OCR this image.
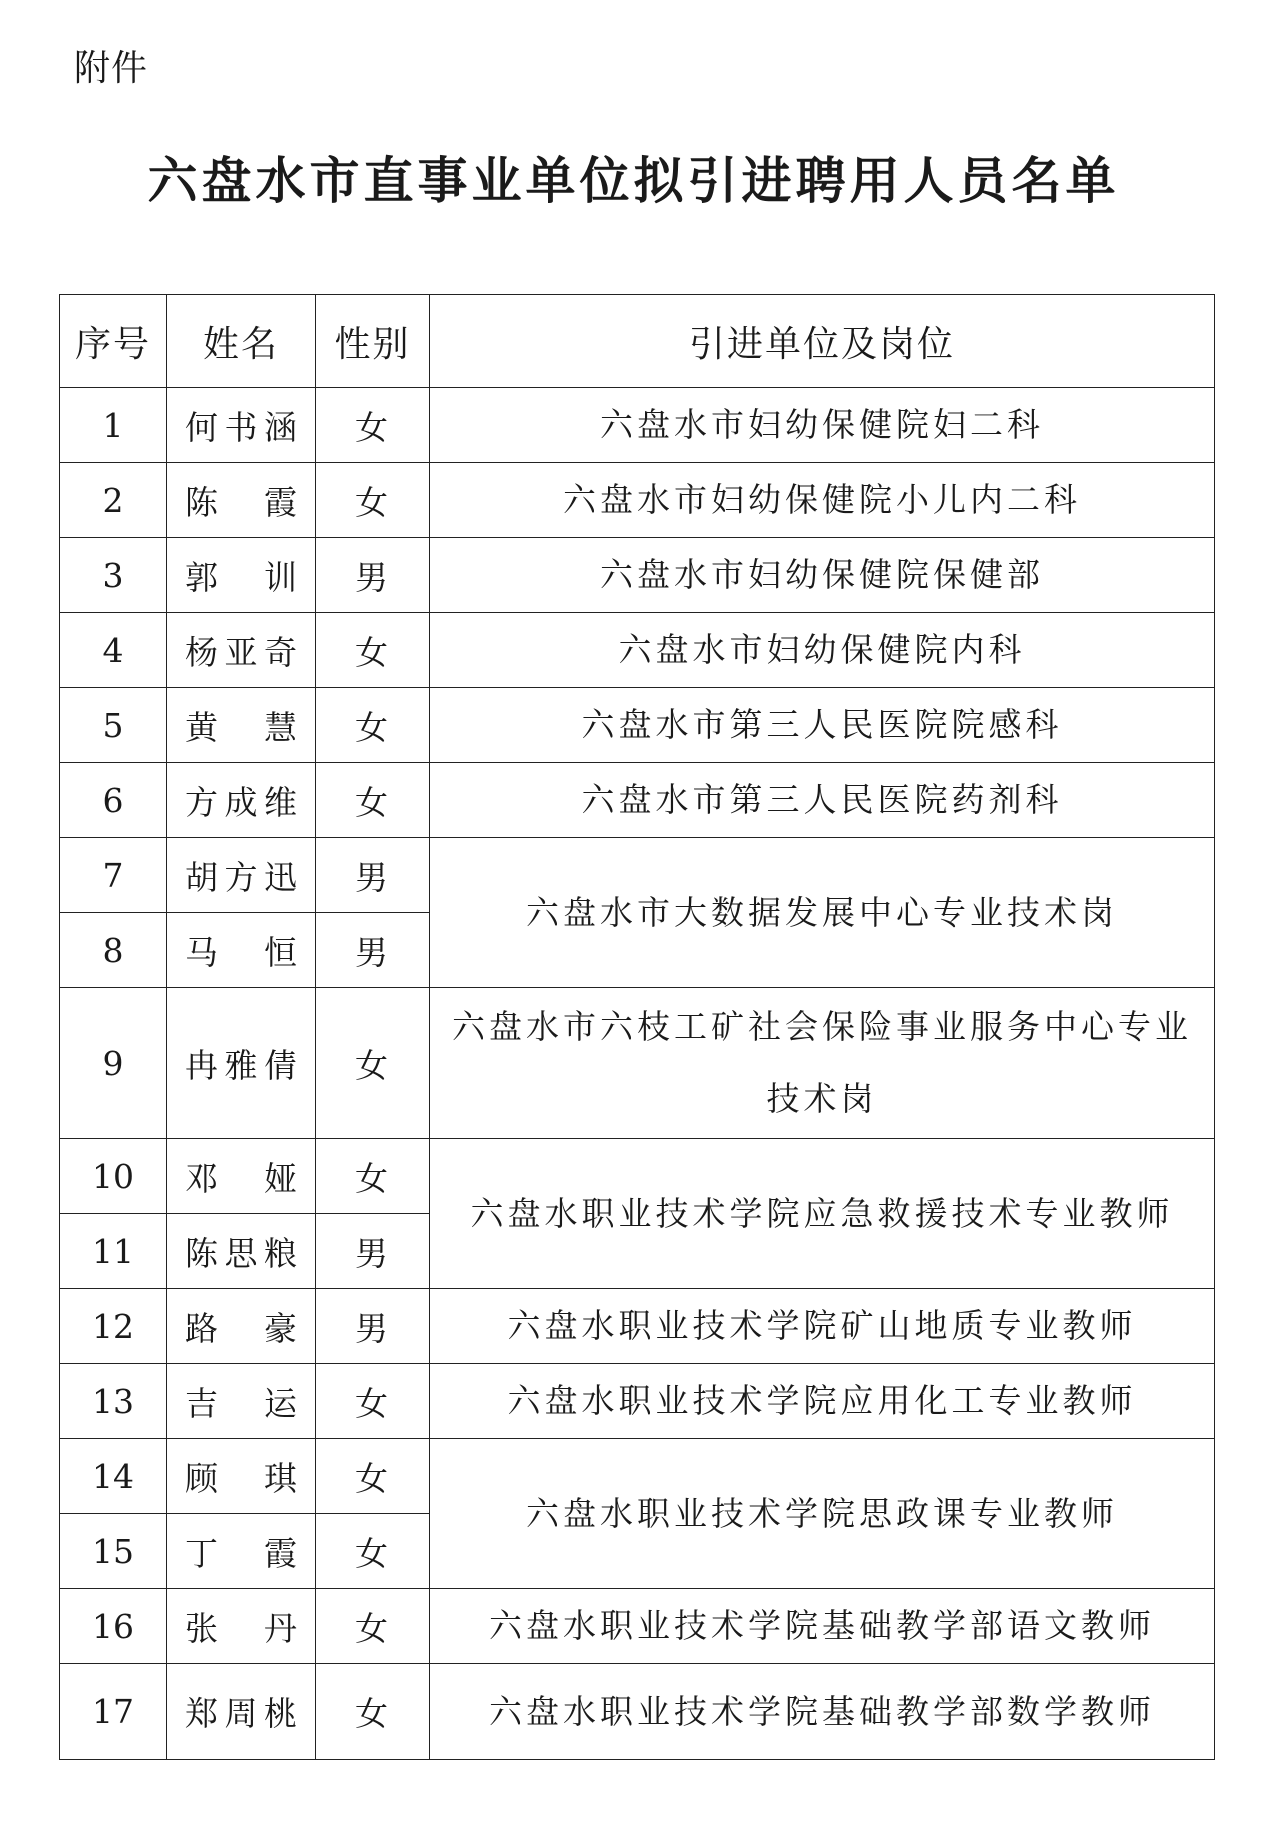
附件
六盘水市直事业单位拟引进聘用人员名单
序号	姓名	性别	引进单位及岗位
1	何书涵	女	六盘水市妇幼保健院妇二科
2	陈霞	女	六盘水市妇幼保健院小儿内二科
3	郭训	男	六盘水市妇幼保健院保健部
4	杨亚奇	女	六盘水市妇幼保健院内科
5	黄慧	女	六盘水市第三人民医院院感科
6	方成维	女	六盘水市第三人民医院药剂科
7	胡方迅	男	六盘水市大数据发展中心专业技术岗
8	马恒	男	
9	冉雅倩	女	六盘水市六枝工矿社会保险事业服务中心专业技术岗
10	邓娅	女	六盘水职业技术学院应急救援技术专业教师
11	陈思粮	男	
12	路豪	男	六盘水职业技术学院矿山地质专业教师
13	吉运	女	六盘水职业技术学院应用化工专业教师
14	顾琪	女	六盘水职业技术学院思政课专业教师
15	丁霞	女	
16	张丹	女	六盘水职业技术学院基础教学部语文教师
17	郑周桃	女	六盘水职业技术学院基础教学部数学教师
